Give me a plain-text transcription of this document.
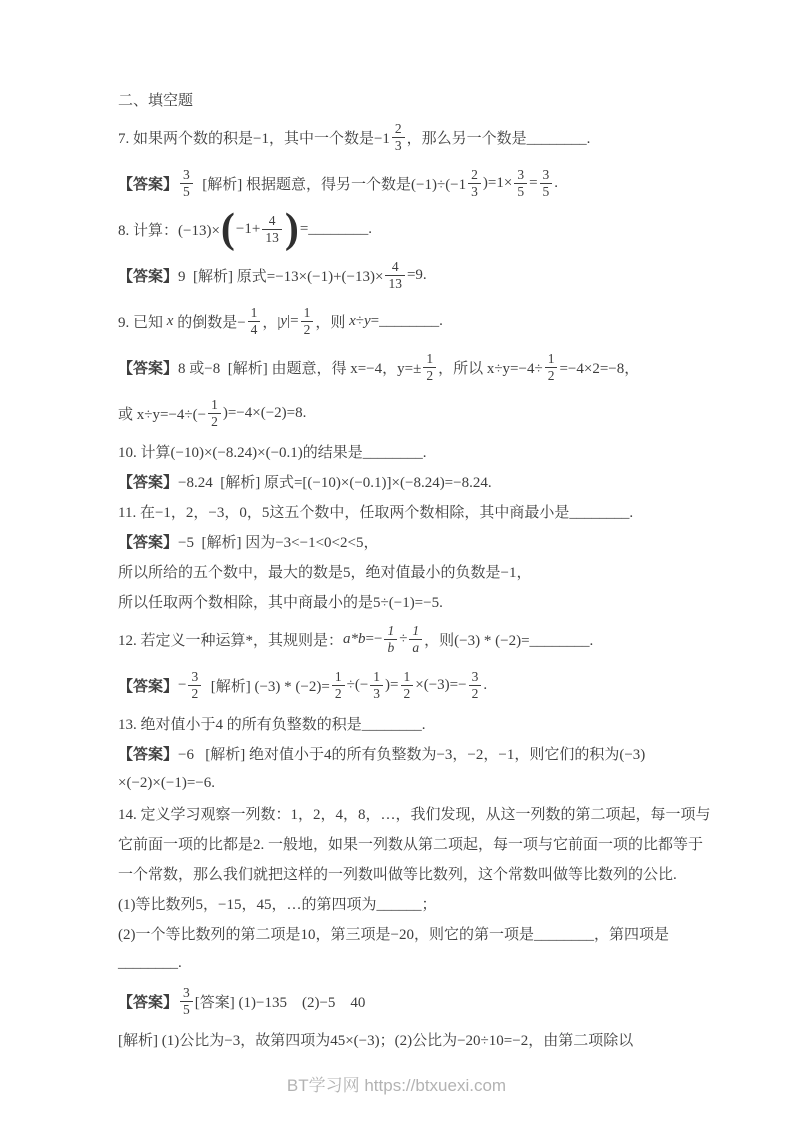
二、填空题
7. 如果两个数的积是−1，其中一个数是$-1 \frac{2}{3}$ ，那么另一个数是________.
【答案】 $\frac{3}{5}$ [解析] 根据题意，得另一个数是$(-1)\div(-1 \frac{2}{3} )=1\times \frac{3}{5} = \frac{3}{5}$ .
8. 计算：(−13)× ( $-1+ \frac{4}{13}$ ) =________.
【答案】 9  [解析] 原式$=-13\times(-1)+(-13)\times \frac{4}{13} =9$.
9. 已知 x 的倒数是− $\frac{1}{4}$ ，| y |= $\frac{1}{2}$ ，则 x ÷ y =________.
【答案】 8 或−8  [解析] 由题意，得 x=−4，$y=\pm \frac{1}{2}$ ，所以 $x\div y=-4\div \frac{1}{2} =-4\times 2=-8$，
或 $x\div y=-4\div(- \frac{1}{2} )=-4\times(-2)=8$.
10. 计算(−10)×(−8.24)×(−0.1)的结果是________.
【答案】 −8.24  [解析] 原式=[(−10)×(−0.1)]×(−8.24)=−8.24.
11. 在−1，2，−3，0，5这五个数中，任取两个数相除，其中商最小是________.
【答案】 −5  [解析] 因为−3<−1<0<2<5，
所以所给的五个数中，最大的数是5，绝对值最小的负数是−1，
所以任取两个数相除，其中商最小的是5÷(−1)=−5.
12. 若定义一种运算*，其规则是： $a*b =- \frac{1}{b} \div \frac{1}{a}$ ，则(−3) * (−2)=________.
【答案】 − $\frac{3}{2}$ [解析] $(-3) * (-2)= \frac{1}{2}$ ÷(− $\frac{1}{3}$ )= $\frac{1}{2} \times(-3)=- \frac{3}{2}$ .
13. 绝对值小于4 的所有负整数的积是________.
【答案】 −6   [解析] 绝对值小于4的所有负整数为−3，−2，−1，则它们的积为(−3)
×(−2)×(−1)=−6.
14. 定义学习观察一列数：1，2，4，8，…，我们发现，从这一列数的第二项起，每一项与
它前面一项的比都是2. 一般地，如果一列数从第二项起，每一项与它前面一项的比都等于
一个常数，那么我们就把这样的一列数叫做等比数列，这个常数叫做等比数列的公比.
(1)等比数列5，−15，45，…的第四项为______；
(2)一个等比数列的第二项是10，第三项是−20，则它的第一项是________，第四项是
________.
【答案】 $\frac{3}{5}$ [答案] (1)−135　(2)−5　40
[解析] (1)公比为−3，故第四项为45×(−3)；(2)公比为−20÷10=−2，由第二项除以
BT学习网 https://btxuexi.com
